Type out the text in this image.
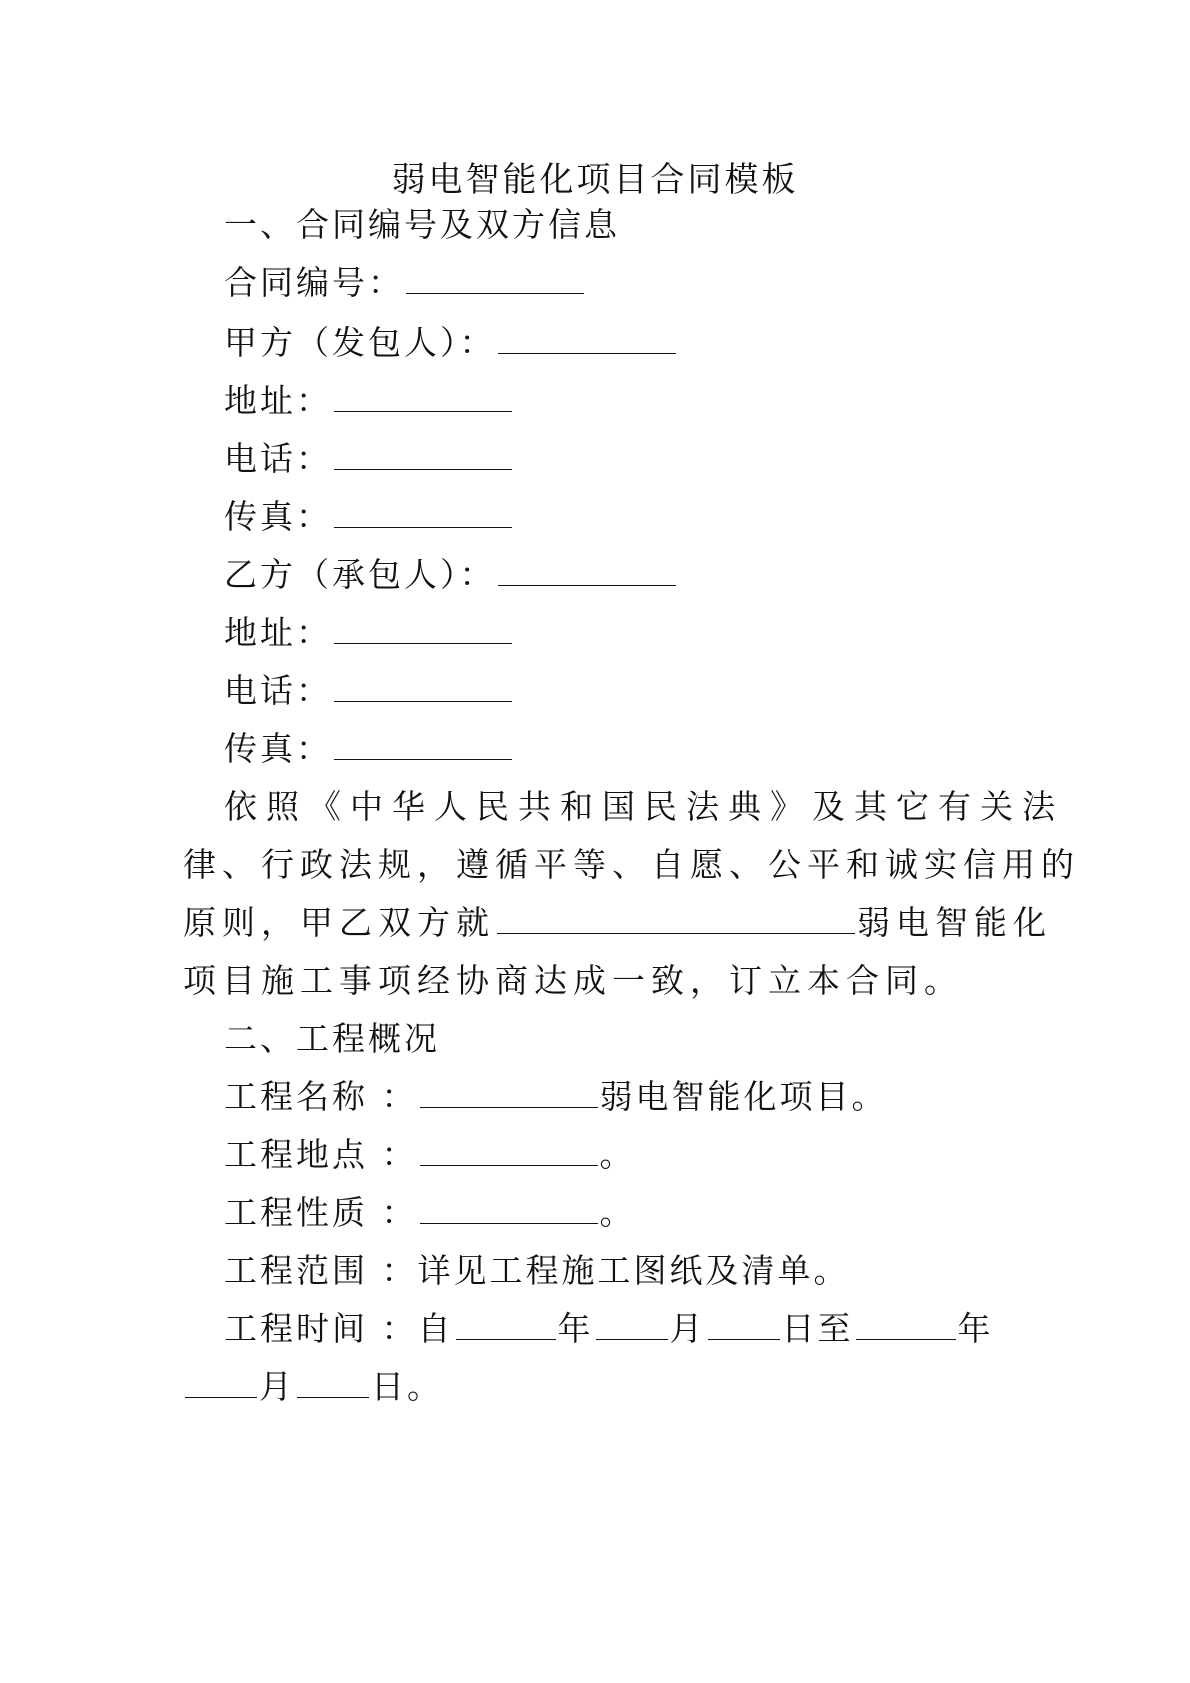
弱电智能化项目合同模板
一、合同编号及双方信息
合同编号：
甲方（发包人）：
地址：
电话：
传真：
乙方（承包人）：
地址：
电话：
传真：
依照《中华人民共和国民法典》及其它有关法
律、行政法规，遵循平等、自愿、公平和诚实信用的
原则，甲乙双方就	弱电智能化
项目施工事项经协商达成一致，订立本合同。
二、工程概况
工程名称 ：	弱电智能化项目。
工程地点 ：	。
工程性质 ：	。
工程范围 ：详见工程施工图纸及清单。
工程时间 ：自	年 月 日至	年
月 日。
